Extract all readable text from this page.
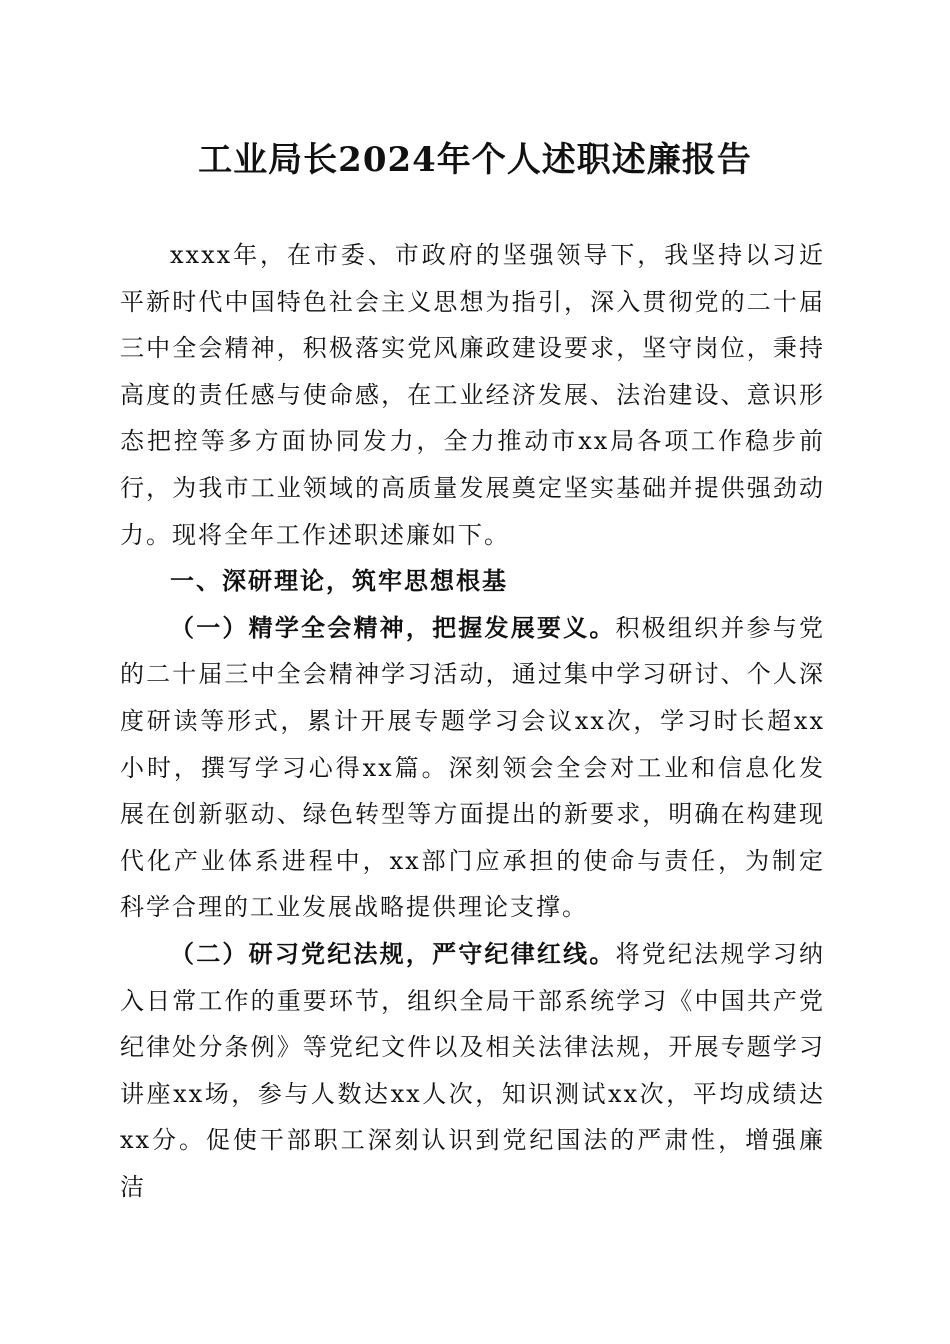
工业局长2024年个人述职述廉报告

xxxx年，在市委、市政府的坚强领导下，我坚持以习近平新时代中国特色社会主义思想为指引，深入贯彻党的二十届三中全会精神，积极落实党风廉政建设要求，坚守岗位，秉持高度的责任感与使命感，在工业经济发展、法治建设、意识形态把控等多方面协同发力，全力推动市xx局各项工作稳步前行，为我市工业领域的高质量发展奠定坚实基础并提供强劲动力。现将全年工作述职述廉如下。

一、深研理论，筑牢思想根基

（一）精学全会精神，把握发展要义。积极组织并参与党的二十届三中全会精神学习活动，通过集中学习研讨、个人深度研读等形式，累计开展专题学习会议xx次，学习时长超xx小时，撰写学习心得xx篇。深刻领会全会对工业和信息化发展在创新驱动、绿色转型等方面提出的新要求，明确在构建现代化产业体系进程中，xx部门应承担的使命与责任，为制定科学合理的工业发展战略提供理论支撑。

（二）研习党纪法规，严守纪律红线。将党纪法规学习纳入日常工作的重要环节，组织全局干部系统学习《中国共产党纪律处分条例》等党纪文件以及相关法律法规，开展专题学习讲座xx场，参与人数达xx人次，知识测试xx次，平均成绩达xx分。促使干部职工深刻认识到党纪国法的严肃性，增强廉洁
